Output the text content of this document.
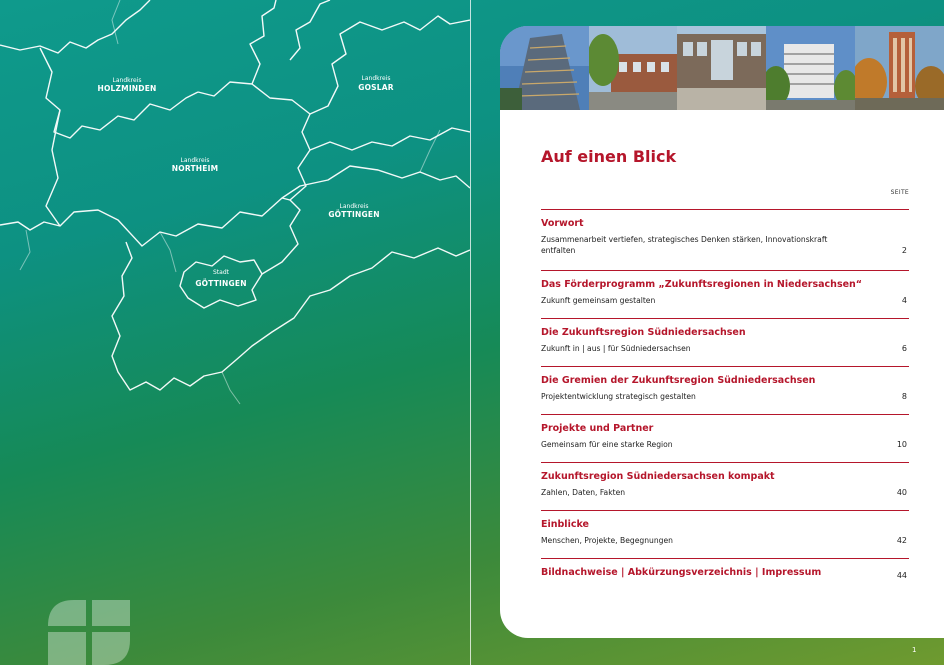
Landkreis
HOLZMINDEN
Landkreis
GOSLAR
Landkreis
NORTHEIM
Landkreis
GÖTTINGEN
Stadt
GÖTTINGEN
Auf einen Blick
SEITE
Vorwort
Zusammenarbeit vertiefen, strategisches Denken stärken, Innovationskraft entfalten	2
Das Förderprogramm „Zukunftsregionen in Niedersachsen“
Zukunft gemeinsam gestalten	4
Die Zukunftsregion Südniedersachsen
Zukunft in | aus | für Südniedersachsen	6
Die Gremien der Zukunftsregion Südniedersachsen
Projektentwicklung strategisch gestalten	8
Projekte und Partner
Gemeinsam für eine starke Region	10
Zukunftsregion Südniedersachsen kompakt
Zahlen, Daten, Fakten	40
Einblicke
Menschen, Projekte, Begegnungen	42
Bildnachweise | Abkürzungsverzeichnis | Impressum	44
1
